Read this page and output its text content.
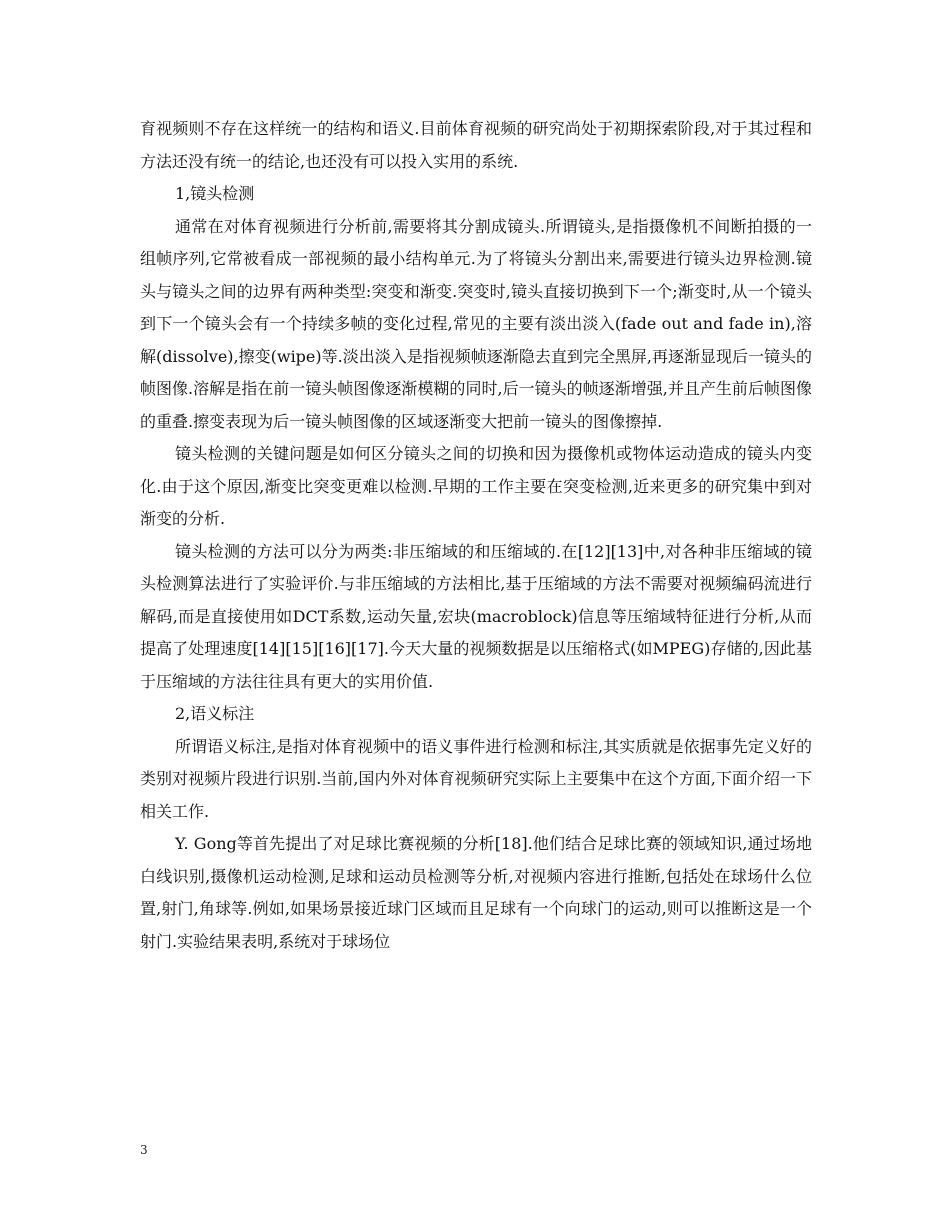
育视频则不存在这样统一的结构和语义.目前体育视频的研究尚处于初期探索阶段,对于其过程和方法还没有统一的结论,也还没有可以投入实用的系统.

1,镜头检测

通常在对体育视频进行分析前,需要将其分割成镜头.所谓镜头,是指摄像机不间断拍摄的一组帧序列,它常被看成一部视频的最小结构单元.为了将镜头分割出来,需要进行镜头边界检测.镜头与镜头之间的边界有两种类型:突变和渐变.突变时,镜头直接切换到下一个;渐变时,从一个镜头到下一个镜头会有一个持续多帧的变化过程,常见的主要有淡出淡入(fade out and fade in),溶解(dissolve),擦变(wipe)等.淡出淡入是指视频帧逐渐隐去直到完全黑屏,再逐渐显现后一镜头的帧图像.溶解是指在前一镜头帧图像逐渐模糊的同时,后一镜头的帧逐渐增强,并且产生前后帧图像的重叠.擦变表现为后一镜头帧图像的区域逐渐变大把前一镜头的图像擦掉.

镜头检测的关键问题是如何区分镜头之间的切换和因为摄像机或物体运动造成的镜头内变化.由于这个原因,渐变比突变更难以检测.早期的工作主要在突变检测,近来更多的研究集中到对渐变的分析.

镜头检测的方法可以分为两类:非压缩域的和压缩域的.在[12][13]中,对各种非压缩域的镜头检测算法进行了实验评价.与非压缩域的方法相比,基于压缩域的方法不需要对视频编码流进行解码,而是直接使用如DCT系数,运动矢量,宏块(macroblock)信息等压缩域特征进行分析,从而提高了处理速度[14][15][16][17].今天大量的视频数据是以压缩格式(如MPEG)存储的,因此基于压缩域的方法往往具有更大的实用价值.

2,语义标注

所谓语义标注,是指对体育视频中的语义事件进行检测和标注,其实质就是依据事先定义好的类别对视频片段进行识别.当前,国内外对体育视频研究实际上主要集中在这个方面,下面介绍一下相关工作.

Y. Gong等首先提出了对足球比赛视频的分析[18].他们结合足球比赛的领域知识,通过场地白线识别,摄像机运动检测,足球和运动员检测等分析,对视频内容进行推断,包括处在球场什么位置,射门,角球等.例如,如果场景接近球门区域而且足球有一个向球门的运动,则可以推断这是一个射门.实验结果表明,系统对于球场位

3
